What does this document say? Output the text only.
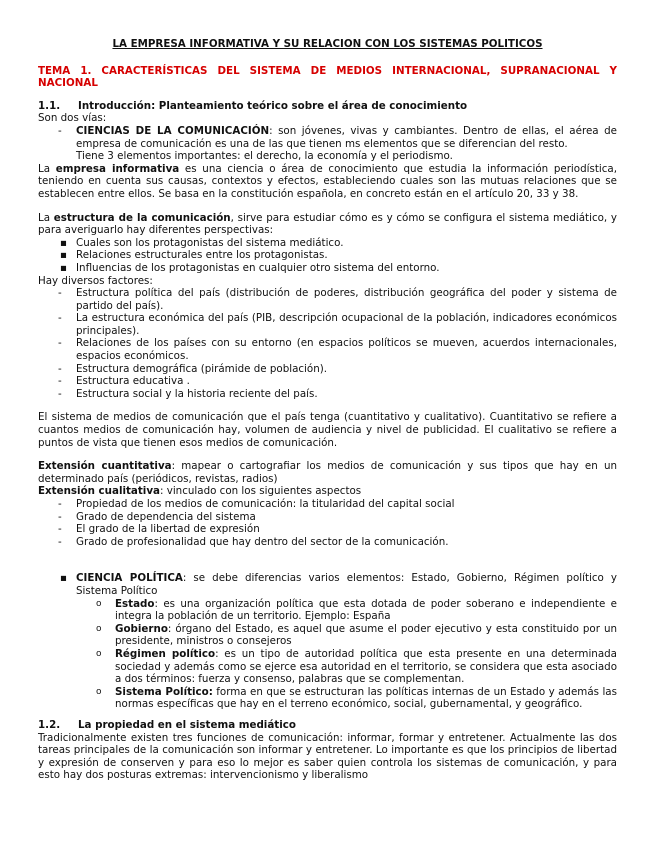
LA EMPRESA INFORMATIVA Y SU RELACION CON LOS SISTEMAS POLITICOS
TEMA 1. CARACTERÍSTICAS DEL SISTEMA DE MEDIOS INTERNACIONAL, SUPRANACIONAL Y NACIONAL
1.1. Introducción: Planteamiento teórico sobre el área de conocimiento

Son dos vías:

- CIENCIAS DE LA COMUNICACIÓN: son jóvenes, vivas y cambiantes. Dentro de ellas, el aérea de empresa de comunicación es una de las que tienen ms elementos que se diferencian del resto.

Tiene 3 elementos importantes: el derecho, la economía y el periodismo.

La empresa informativa es una ciencia o área de conocimiento que estudia la información periodística, teniendo en cuenta sus causas, contextos y efectos, estableciendo cuales son las mutuas relaciones que se establecen entre ellos. Se basa en la constitución española, en concreto están en el artículo 20, 33 y 38.

La estructura de la comunicación, sirve para estudiar cómo es y cómo se configura el sistema mediático, y para averiguarlo hay diferentes perspectivas:

▪ Cuales son los protagonistas del sistema mediático.
▪ Relaciones estructurales entre los protagonistas.
▪ Influencias de los protagonistas en cualquier otro sistema del entorno.

Hay diversos factores:

- Estructura política del país (distribución de poderes, distribución geográfica del poder y sistema de partido del país).
- La estructura económica del país (PIB, descripción ocupacional de la población, indicadores económicos principales).
- Relaciones de los países con su entorno (en espacios políticos se mueven, acuerdos internacionales, espacios económicos.
- Estructura demográfica (pirámide de población).
- Estructura educativa .
- Estructura social y la historia reciente del país.

El sistema de medios de comunicación que el país tenga (cuantitativo y cualitativo). Cuantitativo se refiere a cuantos medios de comunicación hay, volumen de audiencia y nivel de publicidad. El cualitativo se refiere a puntos de vista que tienen esos medios de comunicación.

Extensión cuantitativa: mapear o cartografiar los medios de comunicación y sus tipos que hay en un determinado país (periódicos, revistas, radios)

Extensión cualitativa: vinculado con los siguientes aspectos

- Propiedad de los medios de comunicación: la titularidad del capital social
- Grado de dependencia del sistema
- El grado de la libertad de expresión
- Grado de profesionalidad que hay dentro del sector de la comunicación.

▪ CIENCIA POLÍTICA: se debe diferencias varios elementos: Estado, Gobierno, Régimen político y Sistema Político

o Estado: es una organización política que esta dotada de poder soberano e independiente e integra la población de un territorio. Ejemplo: España
o Gobierno: órgano del Estado, es aquel que asume el poder ejecutivo y esta constituido por un presidente, ministros o consejeros
o Régimen político: es un tipo de autoridad política que esta presente en una determinada sociedad y además como se ejerce esa autoridad en el territorio, se considera que esta asociado a dos términos: fuerza y consenso, palabras que se complementan.
o Sistema Político: forma en que se estructuran las políticas internas de un Estado y además las normas específicas que hay en el terreno económico, social, gubernamental, y geográfico.
1.2. La propiedad en el sistema mediático

Tradicionalmente existen tres funciones de comunicación: informar, formar y entretener. Actualmente las dos tareas principales de la comunicación son informar y entretener. Lo importante es que los principios de libertad y expresión de conserven y para eso lo mejor es saber quien controla los sistemas de comunicación, y para esto hay dos posturas extremas: intervencionismo y liberalismo
